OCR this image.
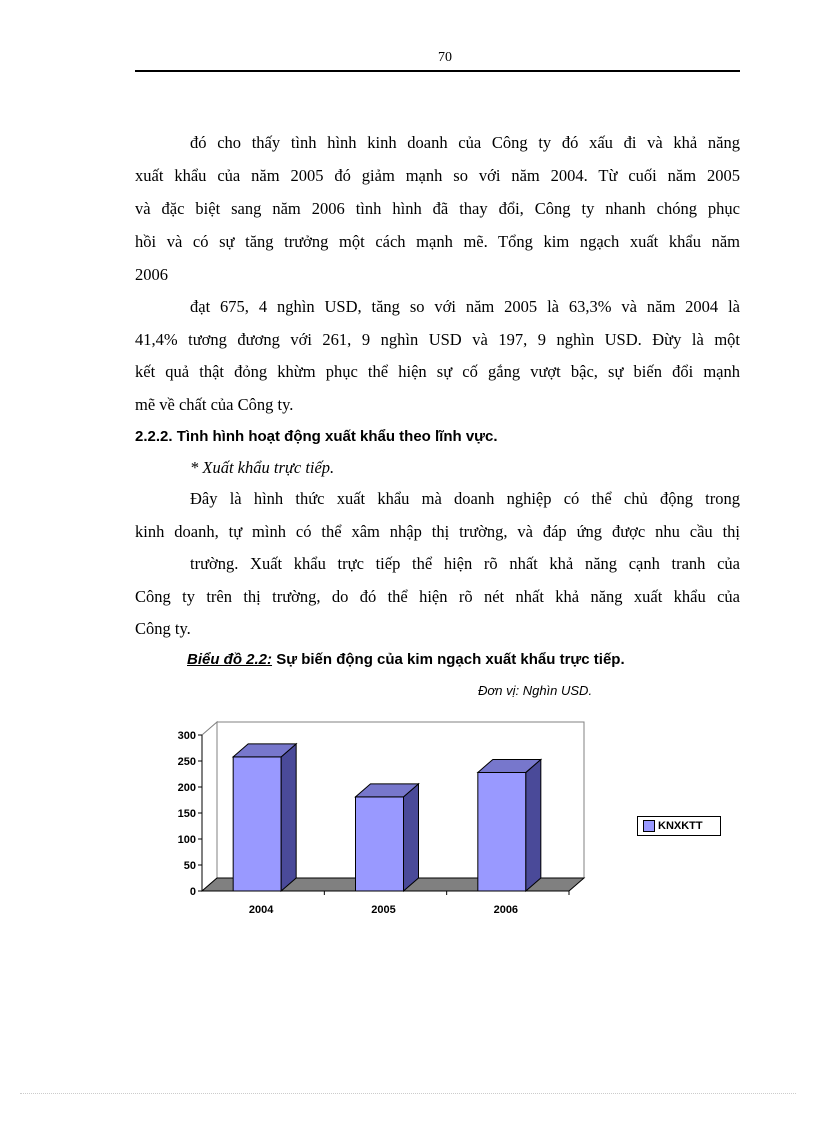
70
đó cho thấy tình hình kinh doanh của Công ty đó xấu đi và khả năng
xuất khẩu của năm 2005 đó giảm mạnh so với năm 2004. Từ cuối năm 2005
và đặc biệt sang năm 2006 tình hình đã thay đổi, Công ty nhanh chóng phục
hồi và có sự tăng trưởng một cách mạnh mẽ. Tổng kim ngạch xuất khẩu năm
2006
đạt 675, 4 nghìn USD, tăng so với năm 2005 là 63,3% và năm 2004 là
41,4% tương đương với 261, 9 nghìn USD và 197, 9 nghìn USD. Đừy là một
kết quả thật đỏng khừm phục thể hiện sự cố gắng vượt bậc, sự biến đổi mạnh
mẽ về chất của Công ty.
2.2.2. Tình hình hoạt động xuất khẩu theo lĩnh vực.
* Xuất khẩu trực tiếp.
Đây là hình thức xuất khẩu mà doanh nghiệp có thể chủ động trong
kinh doanh, tự mình có thể xâm nhập thị trường, và đáp ứng được nhu cầu thị
trường. Xuất khẩu trực tiếp thể hiện rõ nhất khả năng cạnh tranh của
Công ty trên thị trường, do đó thể hiện rõ nét nhất khả năng xuất khẩu của
Công ty.
Biểu đồ 2.2: Sự biến động của kim ngạch xuất khẩu trực tiếp.
Đơn vị: Nghìn USD.
0
50
100
150
200
250
300
2004	2005	2006
KNXKTT
